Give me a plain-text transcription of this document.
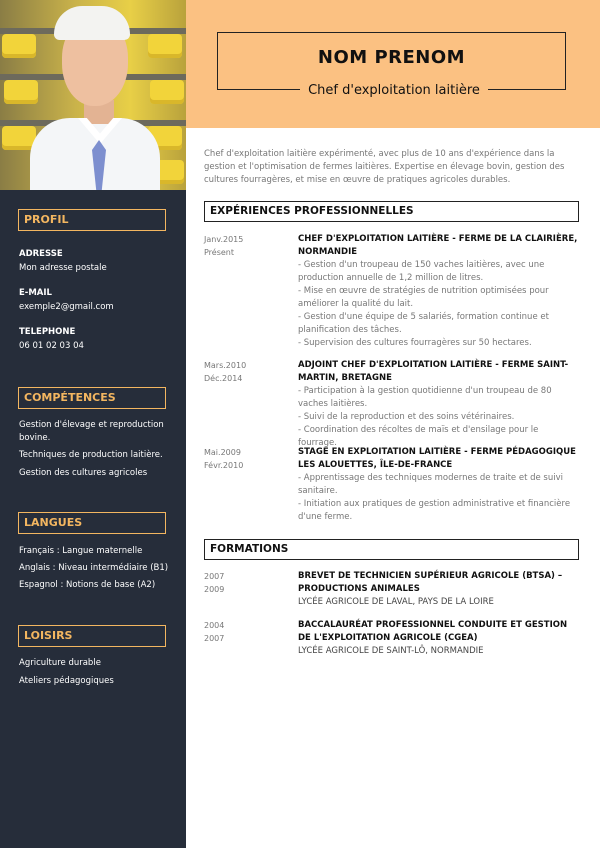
NOM PRENOM
Chef d'exploitation laitière
PROFIL
ADRESSE
Mon adresse postale
E-MAIL
exemple2@gmail.com
TELEPHONE
06 01 02 03 04
COMPÉTENCES
Gestion d'élevage et reproduction bovine.
Techniques de production laitière.
Gestion des cultures agricoles
LANGUES
Français : Langue maternelle
Anglais : Niveau intermédiaire (B1)
Espagnol : Notions de base (A2)
LOISIRS
Agriculture durable
Ateliers pédagogiques
Chef d'exploitation laitière expérimenté, avec plus de 10 ans d'expérience dans la gestion et l'optimisation de fermes laitières. Expertise en élevage bovin, gestion des cultures fourragères, et mise en œuvre de pratiques agricoles durables.
EXPÉRIENCES PROFESSIONNELLES
Janv.2015
Présent
CHEF D'EXPLOITATION LAITIÈRE - FERME DE LA CLAIRIÈRE, NORMANDIE
- Gestion d'un troupeau de 150 vaches laitières, avec une production annuelle de 1,2 million de litres.
- Mise en œuvre de stratégies de nutrition optimisées pour améliorer la qualité du lait.
- Gestion d'une équipe de 5 salariés, formation continue et planification des tâches.
- Supervision des cultures fourragères sur 50 hectares.
Mars.2010
Déc.2014
ADJOINT CHEF D'EXPLOITATION LAITIÈRE - FERME SAINT-MARTIN, BRETAGNE
- Participation à la gestion quotidienne d'un troupeau de 80 vaches laitières.
- Suivi de la reproduction et des soins vétérinaires.
- Coordination des récoltes de maïs et d'ensilage pour le fourrage.
Mai.2009
Févr.2010
STAGE EN EXPLOITATION LAITIÈRE - FERME PÉDAGOGIQUE LES ALOUETTES, ÎLE-DE-FRANCE
- Apprentissage des techniques modernes de traite et de suivi sanitaire.
- Initiation aux pratiques de gestion administrative et financière d'une ferme.
FORMATIONS
2007
2009
BREVET DE TECHNICIEN SUPÉRIEUR AGRICOLE (BTSA) – PRODUCTIONS ANIMALES
LYCÉE AGRICOLE DE LAVAL, PAYS DE LA LOIRE
2004
2007
BACCALAURÉAT PROFESSIONNEL CONDUITE ET GESTION DE L'EXPLOITATION AGRICOLE (CGEA)
LYCÉE AGRICOLE DE SAINT-LÔ, NORMANDIE
